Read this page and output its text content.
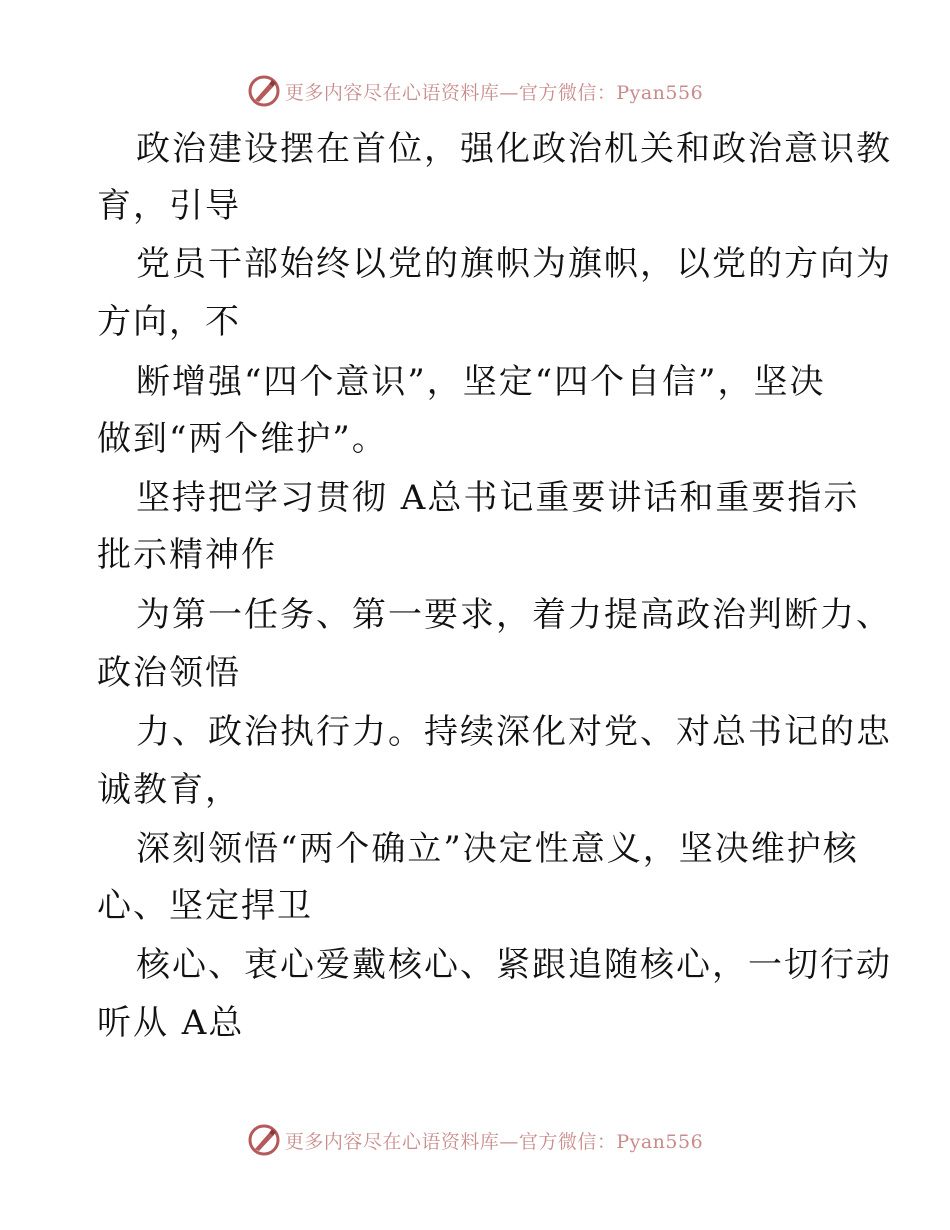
更多内容尽在心语资料库—官方微信：Pyan556
政治建设摆在首位，强化政治机关和政治意识教
育，引导
党员干部始终以党的旗帜为旗帜，以党的方向为
方向，不
断增强“四个意识”，坚定“四个自信”，坚决
做到“两个维护”。
坚持把学习贯彻 A总书记重要讲话和重要指示
批示精神作
为第一任务、第一要求，着力提高政治判断力、
政治领悟
力、政治执行力。持续深化对党、对总书记的忠
诚教育，
深刻领悟“两个确立”决定性意义，坚决维护核
心、坚定捍卫
核心、衷心爱戴核心、紧跟追随核心，一切行动
听从 A总
更多内容尽在心语资料库—官方微信：Pyan556
